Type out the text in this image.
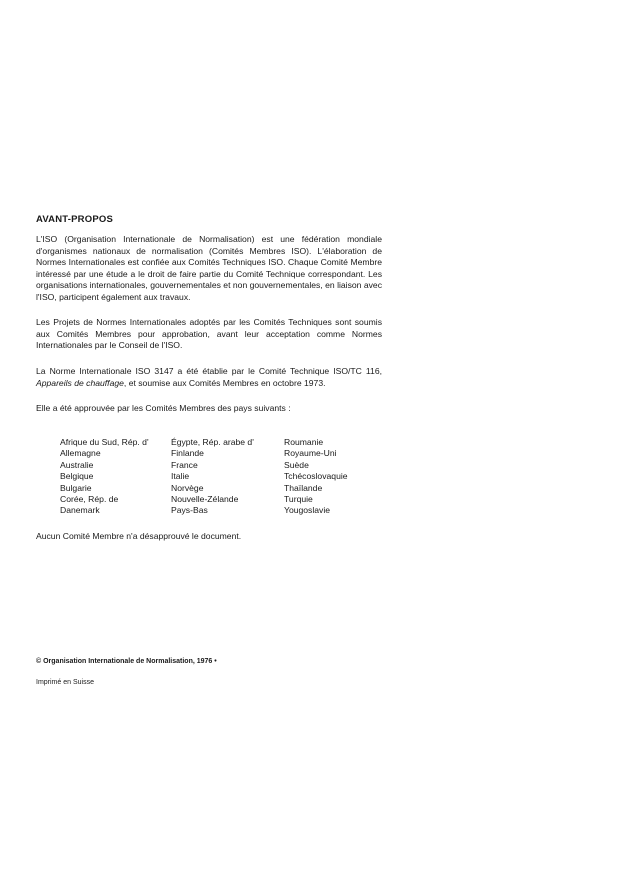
AVANT-PROPOS

L'ISO (Organisation Internationale de Normalisation) est une fédération mondiale d'organismes nationaux de normalisation (Comités Membres ISO). L'élaboration de Normes Internationales est confiée aux Comités Techniques ISO. Chaque Comité Membre intéressé par une étude a le droit de faire partie du Comité Technique correspondant. Les organisations internationales, gouvernementales et non gouvernementales, en liaison avec l'ISO, participent également aux travaux.

Les Projets de Normes Internationales adoptés par les Comités Techniques sont soumis aux Comités Membres pour approbation, avant leur acceptation comme Normes Internationales par le Conseil de l'ISO.

La Norme Internationale ISO 3147 a été établie par le Comité Technique ISO/TC 116, Appareils de chauffage, et soumise aux Comités Membres en octobre 1973.

Elle a été approuvée par les Comités Membres des pays suivants :

Afrique du Sud, Rép. d'
Allemagne
Australie
Belgique
Bulgarie
Corée, Rép. de
Danemark
Égypte, Rép. arabe d'
Finlande
France
Italie
Norvège
Nouvelle-Zélande
Pays-Bas
Roumanie
Royaume-Uni
Suède
Tchécoslovaquie
Thaïlande
Turquie
Yougoslavie

Aucun Comité Membre n'a désapprouvé le document.

© Organisation Internationale de Normalisation, 1976 •
Imprimé en Suisse
